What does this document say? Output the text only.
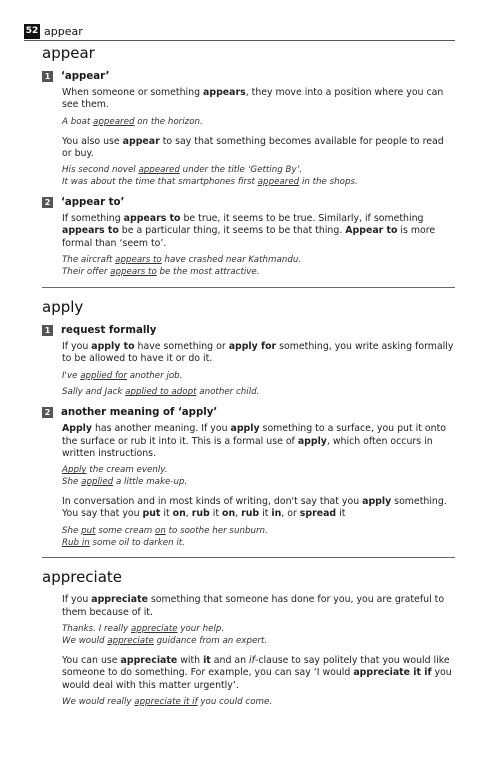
52 appear
appear
1 ‘appear’

When someone or something appears, they move into a position where you can see them.

A boat appeared on the horizon.

You also use appear to say that something becomes available for people to read or buy.

His second novel appeared under the title ‘Getting By’.

It was about the time that smartphones first appeared in the shops.

2 ‘appear to’

If something appears to be true, it seems to be true. Similarly, if something appears to be a particular thing, it seems to be that thing. Appear to is more formal than ‘seem to’.

The aircraft appears to have crashed near Kathmandu.

Their offer appears to be the most attractive.

apply
1 request formally

If you apply to have something or apply for something, you write asking formally to be allowed to have it or do it.

I've applied for another job.

Sally and Jack applied to adopt another child.

2 another meaning of ‘apply’

Apply has another meaning. If you apply something to a surface, you put it onto the surface or rub it into it. This is a formal use of apply, which often occurs in written instructions.

Apply the cream evenly.

She applied a little make-up.

In conversation and in most kinds of writing, don't say that you apply something. You say that you put it on, rub it on, rub it in, or spread it

She put some cream on to soothe her sunburn.

Rub in some oil to darken it.

appreciate

If you appreciate something that someone has done for you, you are grateful to them because of it.

Thanks. I really appreciate your help.

We would appreciate guidance from an expert.

You can use appreciate with it and an if-clause to say politely that you would like someone to do something. For example, you can say ‘I would appreciate it if you would deal with this matter urgently’.

We would really appreciate it if you could come.
